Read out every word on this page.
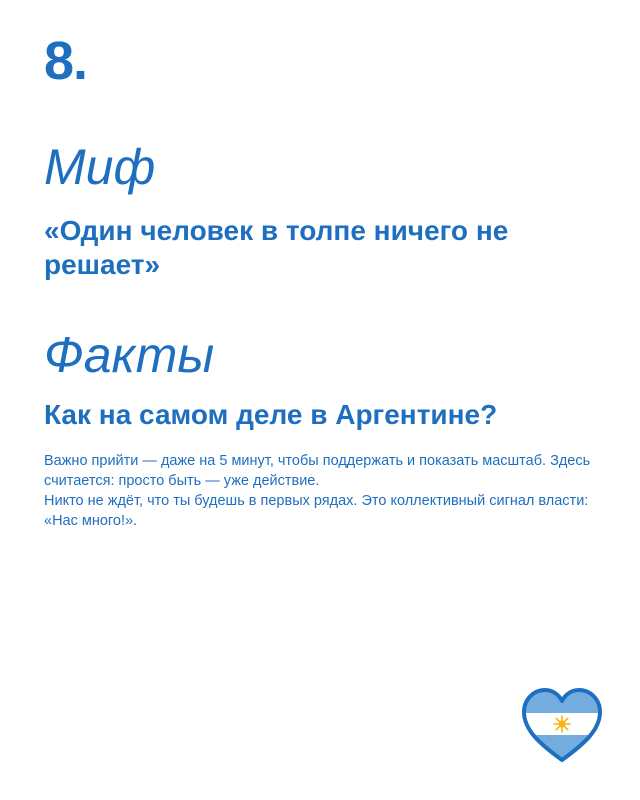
8.
Миф

«Один человек в толпе ничего не решает»

Факты

Как на самом деле в Аргентине?

Важно прийти — даже на 5 минут, чтобы поддержать и показать масштаб. Здесь считается: просто быть — уже действие.
Никто не ждёт, что ты будешь в первых рядах. Это коллективный сигнал власти: «Нас много!».
